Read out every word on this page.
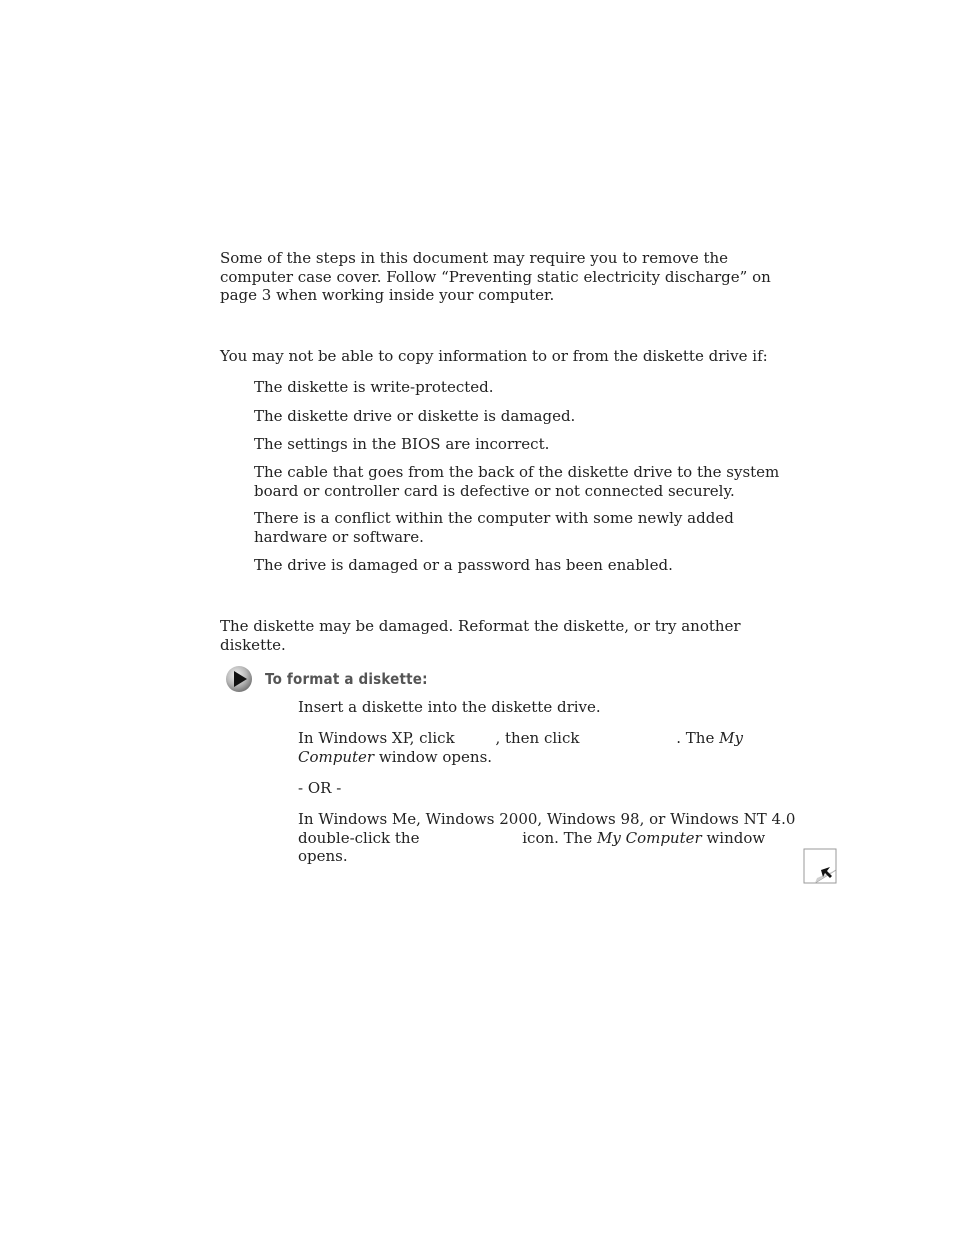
Some of the steps in this document may require you to remove the computer case cover. Follow “Preventing static electricity discharge” on page 3 when working inside your computer.

You may not be able to copy information to or from the diskette drive if:

The diskette is write-protected.

The diskette drive or diskette is damaged.

The settings in the BIOS are incorrect.

The cable that goes from the back of the diskette drive to the system board or controller card is defective or not connected securely.

There is a conflict within the computer with some newly added hardware or software.

The drive is damaged or a password has been enabled.

The diskette may be damaged. Reformat the diskette, or try another diskette.

To format a diskette:

Insert a diskette into the diskette drive.

In Windows XP, click	, then click	. The My Computer window opens.

- OR -

In Windows Me, Windows 2000, Windows 98, or Windows NT 4.0 double-click the	icon. The My Computer window opens.
